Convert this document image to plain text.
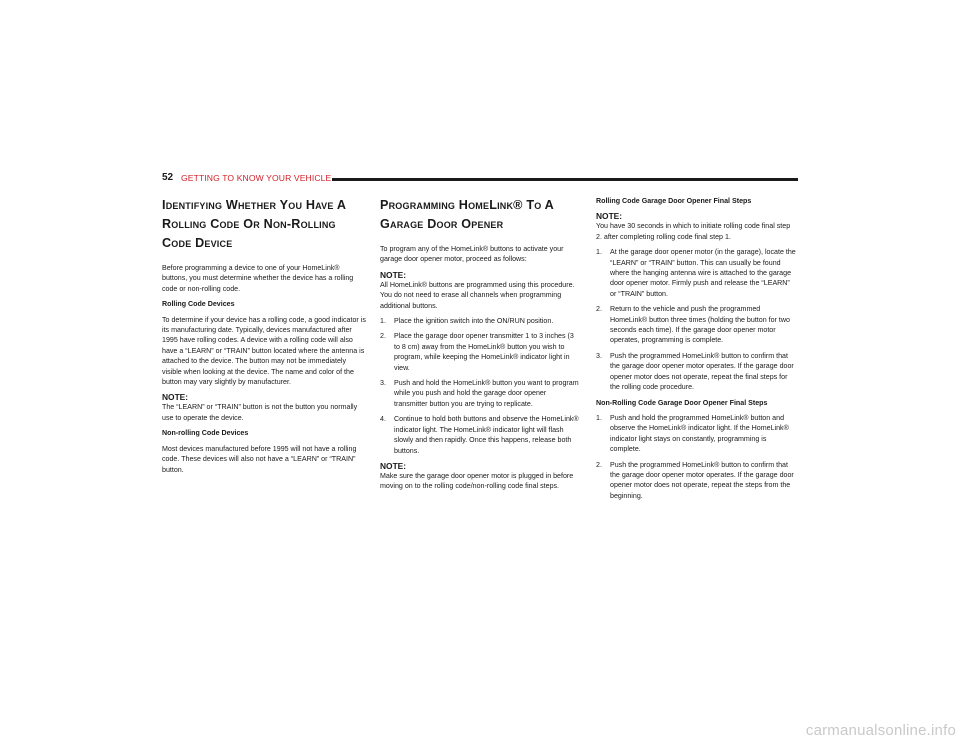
52 GETTING TO KNOW YOUR VEHICLE
Identifying Whether You Have A Rolling Code Or Non-Rolling Code Device

Before programming a device to one of your HomeLink® buttons, you must determine whether the device has a rolling code or non-rolling code.

Rolling Code Devices

To determine if your device has a rolling code, a good indicator is its manufacturing date. Typically, devices manufactured after 1995 have rolling codes. A device with a rolling code will also have a “LEARN” or “TRAIN” button located where the antenna is attached to the device. The button may not be immediately visible when looking at the device. The name and color of the button may vary slightly by manufacturer.

NOTE:

The “LEARN” or “TRAIN” button is not the button you normally use to operate the device.

Non-rolling Code Devices

Most devices manufactured before 1995 will not have a rolling code. These devices will also not have a “LEARN” or “TRAIN” button.

Programming HomeLink® To A Garage Door Opener

To program any of the HomeLink® buttons to activate your garage door opener motor, proceed as follows:

NOTE:

All HomeLink® buttons are programmed using this procedure. You do not need to erase all channels when programming additional buttons.

1. Place the ignition switch into the ON/RUN position.
2. Place the garage door opener transmitter 1 to 3 inches (3 to 8 cm) away from the HomeLink® button you wish to program, while keeping the HomeLink® indicator light in view.
3. Push and hold the HomeLink® button you want to program while you push and hold the garage door opener transmitter button you are trying to replicate.
4. Continue to hold both buttons and observe the HomeLink® indicator light. The HomeLink® indicator light will flash slowly and then rapidly. Once this happens, release both buttons.
NOTE:

Make sure the garage door opener motor is plugged in before moving on to the rolling code/non-rolling code final steps.

Rolling Code Garage Door Opener Final Steps
NOTE:

You have 30 seconds in which to initiate rolling code final step 2. after completing rolling code final step 1.

1. At the garage door opener motor (in the garage), locate the “LEARN” or “TRAIN” button. This can usually be found where the hanging antenna wire is attached to the garage door opener motor. Firmly push and release the “LEARN” or “TRAIN” button.
2. Return to the vehicle and push the programmed HomeLink® button three times (holding the button for two seconds each time). If the garage door opener motor operates, programming is complete.
3. Push the programmed HomeLink® button to confirm that the garage door opener motor operates. If the garage door opener motor does not operate, repeat the final steps for the rolling code procedure.
Non-Rolling Code Garage Door Opener Final Steps
1. Push and hold the programmed HomeLink® button and observe the HomeLink® indicator light. If the HomeLink® indicator light stays on constantly, programming is complete.
2. Push the programmed HomeLink® button to confirm that the garage door opener motor operates. If the garage door opener motor does not operate, repeat the steps from the beginning.
carmanualsonline.info
